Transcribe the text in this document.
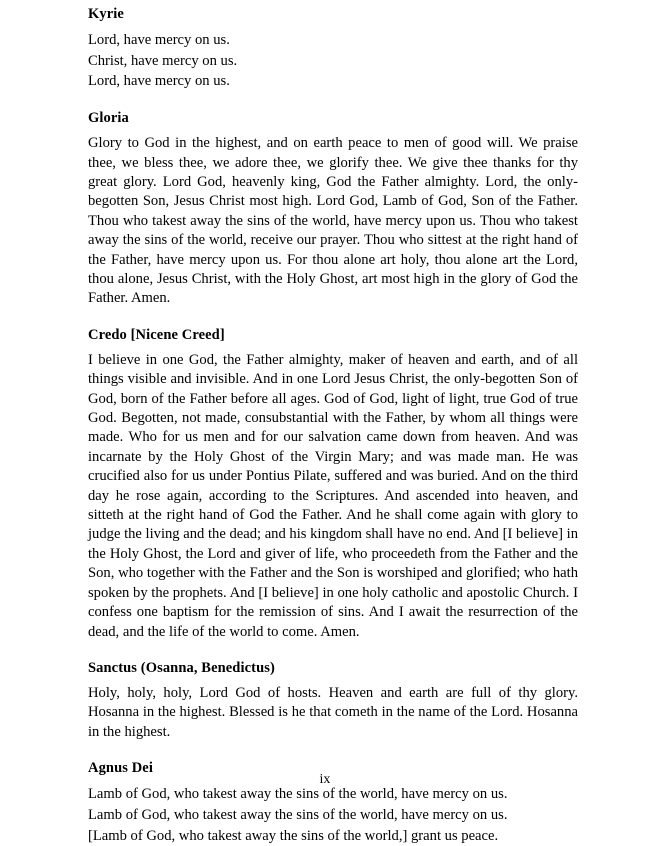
Kyrie

Lord, have mercy on us.

Christ, have mercy on us.

Lord, have mercy on us.

Gloria

Glory to God in the highest, and on earth peace to men of good will. We praise thee, we bless thee, we adore thee, we glorify thee. We give thee thanks for thy great glory. Lord God, heavenly king, God the Father almighty. Lord, the only-begotten Son, Jesus Christ most high. Lord God, Lamb of God, Son of the Father. Thou who takest away the sins of the world, have mercy upon us. Thou who takest away the sins of the world, receive our prayer. Thou who sittest at the right hand of the Father, have mercy upon us. For thou alone art holy, thou alone art the Lord, thou alone, Jesus Christ, with the Holy Ghost, art most high in the glory of God the Father. Amen.

Credo [Nicene Creed]

I believe in one God, the Father almighty, maker of heaven and earth, and of all things visible and invisible. And in one Lord Jesus Christ, the only-begotten Son of God, born of the Father before all ages. God of God, light of light, true God of true God. Begotten, not made, consubstantial with the Father, by whom all things were made. Who for us men and for our salvation came down from heaven. And was incarnate by the Holy Ghost of the Virgin Mary; and was made man. He was crucified also for us under Pontius Pilate, suffered and was buried. And on the third day he rose again, according to the Scriptures. And ascended into heaven, and sitteth at the right hand of God the Father. And he shall come again with glory to judge the living and the dead; and his kingdom shall have no end. And [I believe] in the Holy Ghost, the Lord and giver of life, who proceedeth from the Father and the Son, who together with the Father and the Son is worshiped and glorified; who hath spoken by the prophets. And [I believe] in one holy catholic and apostolic Church. I confess one baptism for the remission of sins. And I await the resurrection of the dead, and the life of the world to come. Amen.

Sanctus (Osanna, Benedictus)

Holy, holy, holy, Lord God of hosts. Heaven and earth are full of thy glory. Hosanna in the highest. Blessed is he that cometh in the name of the Lord. Hosanna in the highest.

Agnus Dei

Lamb of God, who takest away the sins of the world, have mercy on us.

Lamb of God, who takest away the sins of the world, have mercy on us.

[Lamb of God, who takest away the sins of the world,] grant us peace.

ix
